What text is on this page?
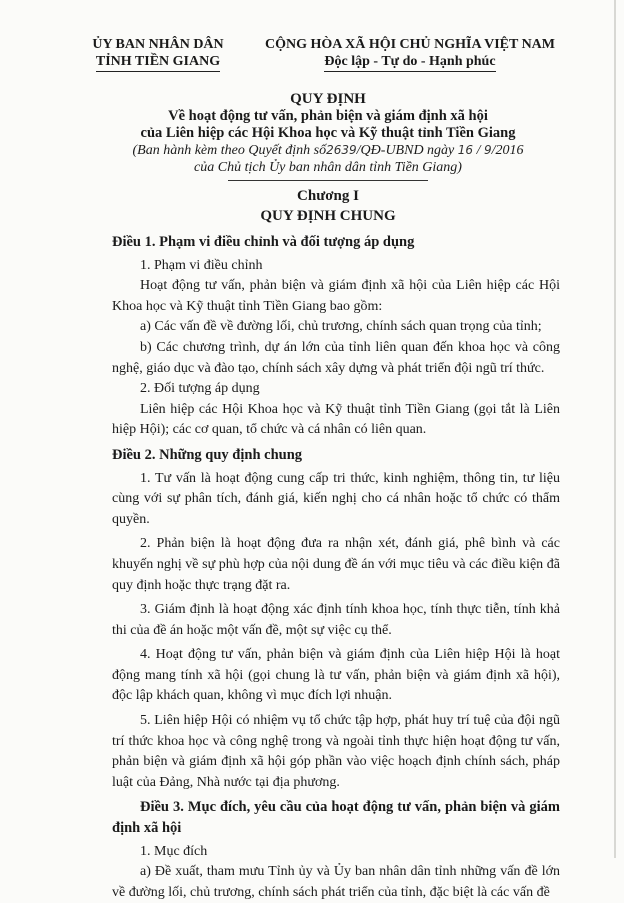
ỦY BAN NHÂN DÂN
TỈNH TIỀN GIANG
CỘNG HÒA XÃ HỘI CHỦ NGHĨA VIỆT NAM
Độc lập - Tự do - Hạnh phúc
QUY ĐỊNH
Về hoạt động tư vấn, phản biện và giám định xã hội
của Liên hiệp các Hội Khoa học và Kỹ thuật tỉnh Tiền Giang
(Ban hành kèm theo Quyết định số2639/QĐ-UBND ngày 16 / 9/2016
của Chủ tịch Ủy ban nhân dân tỉnh Tiền Giang)
Chương I
QUY ĐỊNH CHUNG

Điều 1. Phạm vi điều chỉnh và đối tượng áp dụng

1. Phạm vi điều chỉnh

Hoạt động tư vấn, phản biện và giám định xã hội của Liên hiệp các Hội Khoa học và Kỹ thuật tỉnh Tiền Giang bao gồm:

a) Các vấn đề về đường lối, chủ trương, chính sách quan trọng của tỉnh;

b) Các chương trình, dự án lớn của tỉnh liên quan đến khoa học và công nghệ, giáo dục và đào tạo, chính sách xây dựng và phát triển đội ngũ trí thức.

2. Đối tượng áp dụng

Liên hiệp các Hội Khoa học và Kỹ thuật tỉnh Tiền Giang (gọi tắt là Liên hiệp Hội); các cơ quan, tổ chức và cá nhân có liên quan.

Điều 2. Những quy định chung

1. Tư vấn là hoạt động cung cấp tri thức, kinh nghiệm, thông tin, tư liệu cùng với sự phân tích, đánh giá, kiến nghị cho cá nhân hoặc tổ chức có thẩm quyền.

2. Phản biện là hoạt động đưa ra nhận xét, đánh giá, phê bình và các khuyến nghị về sự phù hợp của nội dung đề án với mục tiêu và các điều kiện đã quy định hoặc thực trạng đặt ra.

3. Giám định là hoạt động xác định tính khoa học, tính thực tiễn, tính khả thi của đề án hoặc một vấn đề, một sự việc cụ thể.

4. Hoạt động tư vấn, phản biện và giám định của Liên hiệp Hội là hoạt động mang tính xã hội (gọi chung là tư vấn, phản biện và giám định xã hội), độc lập khách quan, không vì mục đích lợi nhuận.

5. Liên hiệp Hội có nhiệm vụ tổ chức tập hợp, phát huy trí tuệ của đội ngũ trí thức khoa học và công nghệ trong và ngoài tỉnh thực hiện hoạt động tư vấn, phản biện và giám định xã hội góp phần vào việc hoạch định chính sách, pháp luật của Đảng, Nhà nước tại địa phương.

Điều 3. Mục đích, yêu cầu của hoạt động tư vấn, phản biện và giám định xã hội

1. Mục đích

a) Đề xuất, tham mưu Tỉnh ủy và Ủy ban nhân dân tỉnh những vấn đề lớn về đường lối, chủ trương, chính sách phát triển của tỉnh, đặc biệt là các vấn đề
